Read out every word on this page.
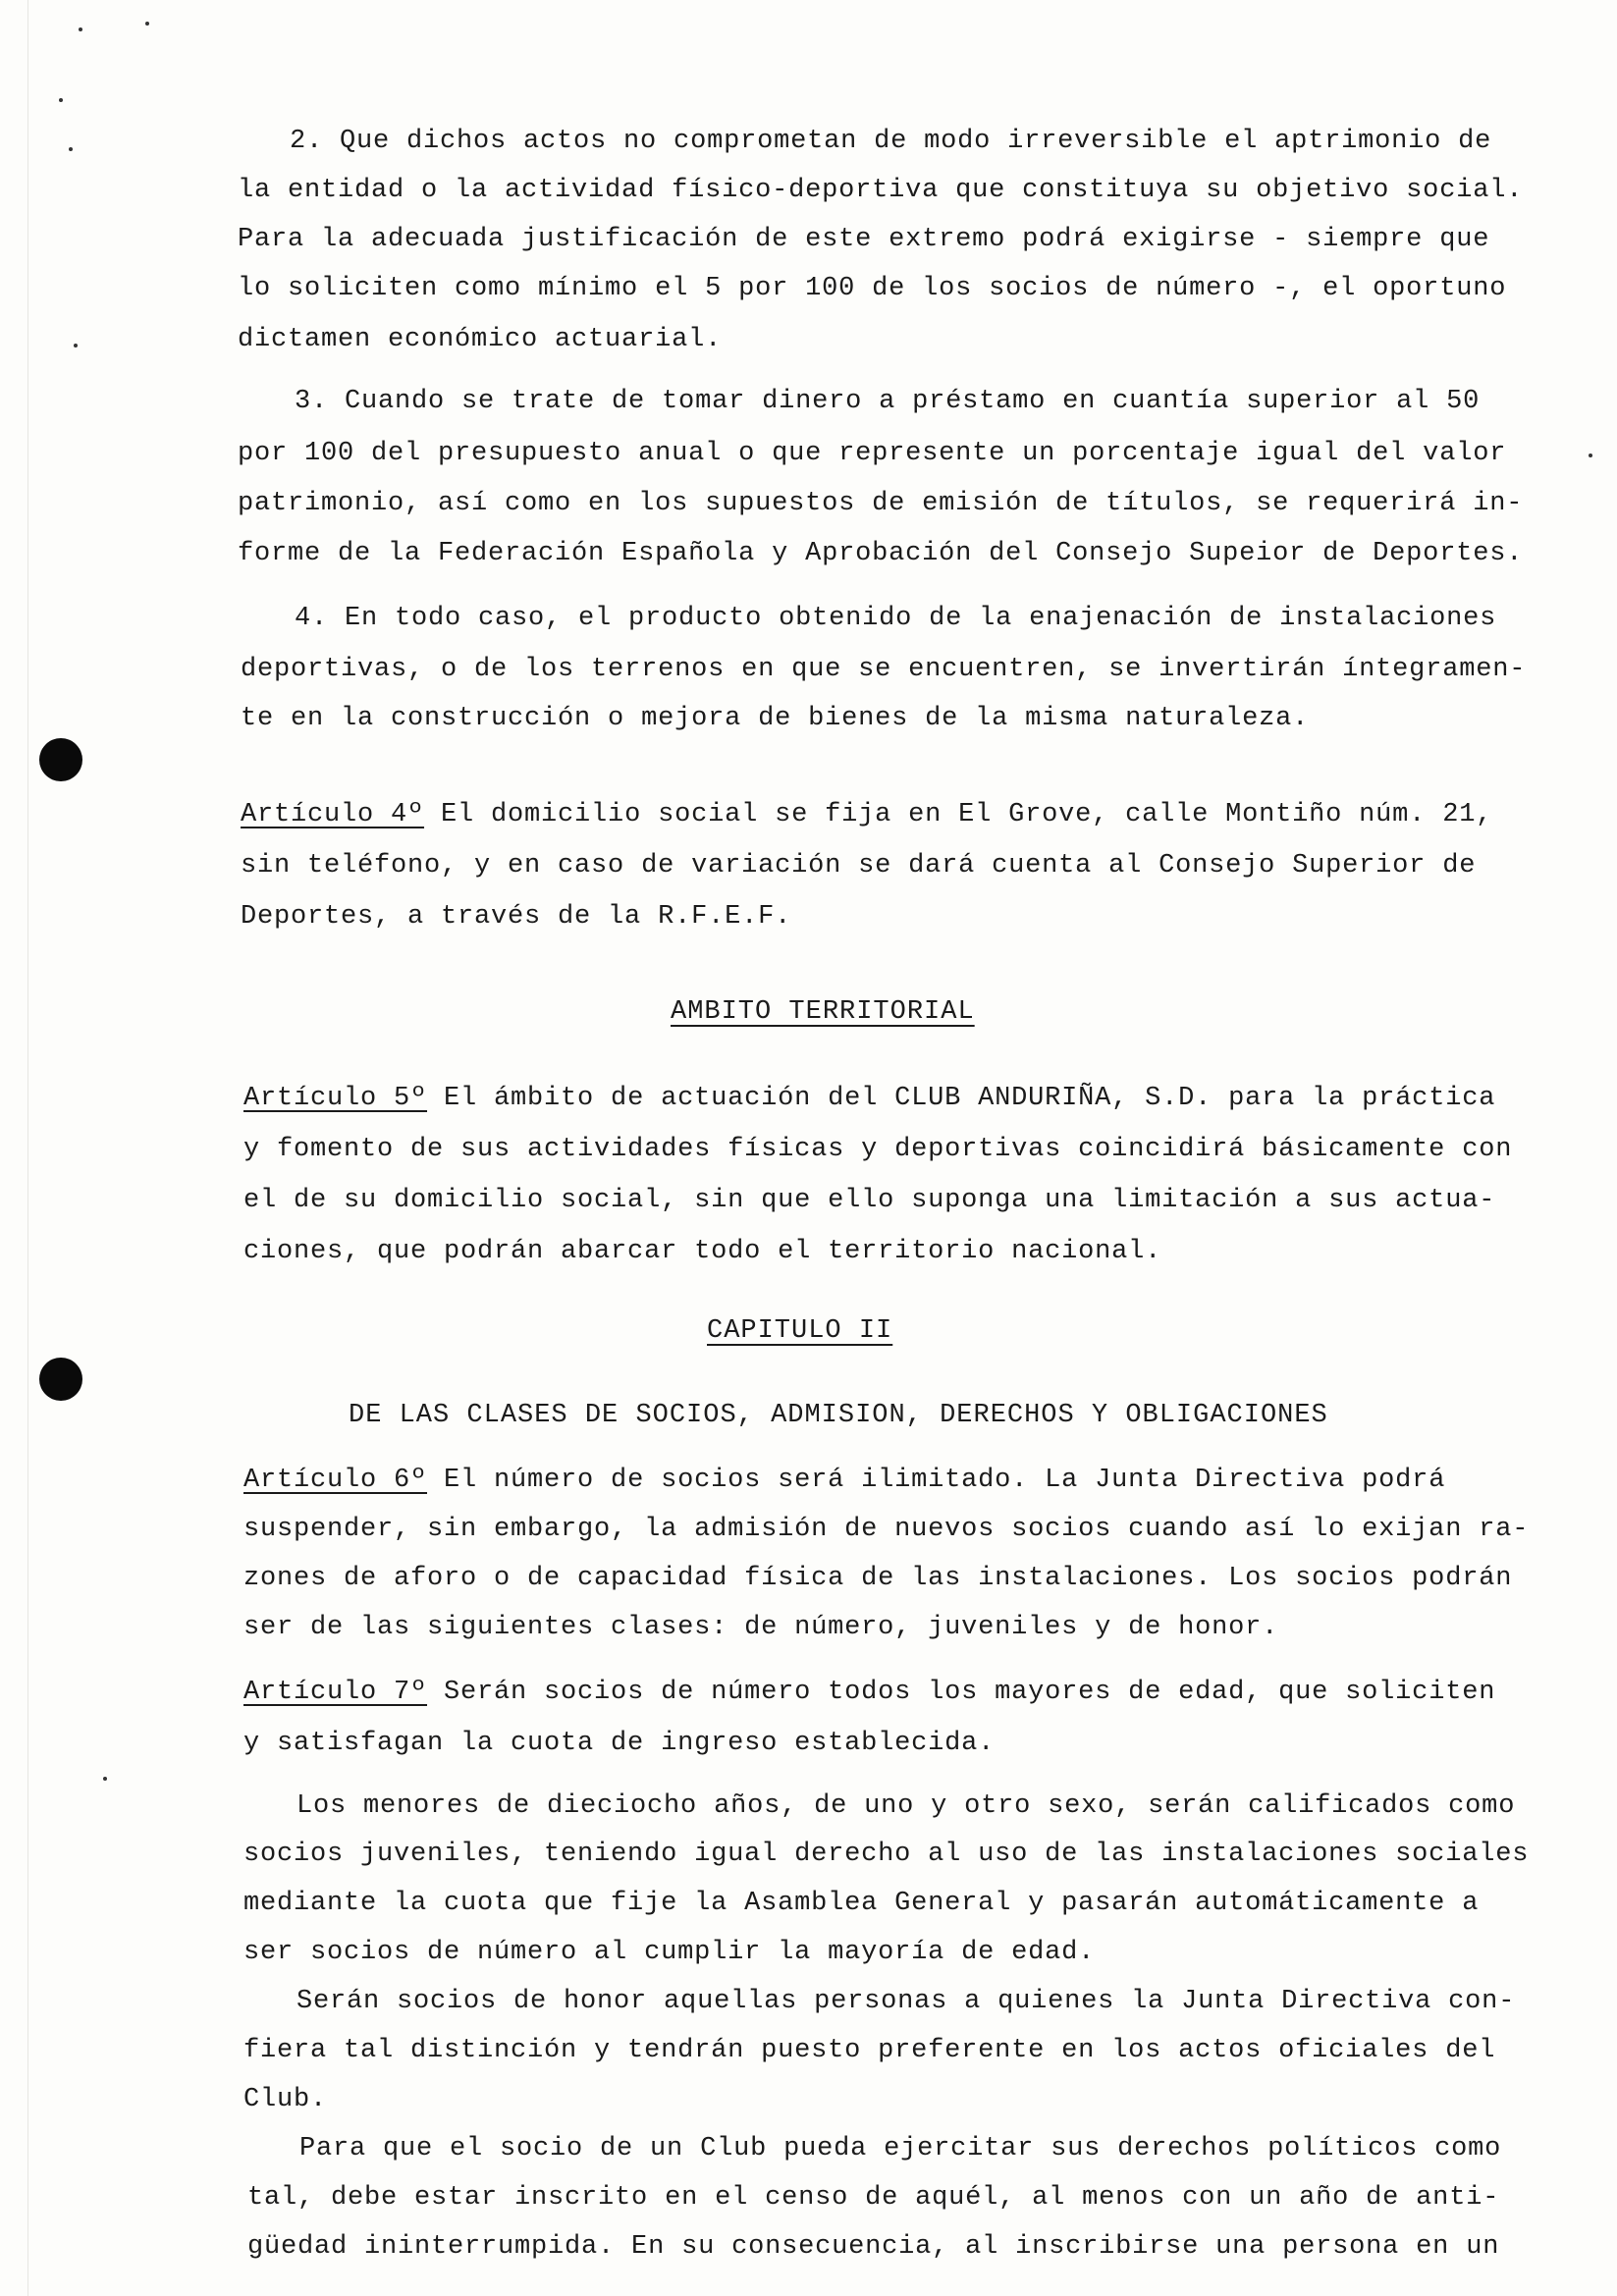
2. Que dichos actos no comprometan de modo irreversible el aptrimonio de
la entidad o la actividad físico-deportiva que constituya su objetivo social.
Para la adecuada justificación de este extremo podrá exigirse - siempre que
lo soliciten como mínimo el 5 por 100 de los socios de número -, el oportuno
dictamen económico actuarial.
3. Cuando se trate de tomar dinero a préstamo en cuantía superior al 50
por 100 del presupuesto anual o que represente un porcentaje igual del valor
patrimonio, así como en los supuestos de emisión de títulos, se requerirá in-
forme de la Federación Española y Aprobación del Consejo Supeior de Deportes.
4. En todo caso, el producto obtenido de la enajenación de instalaciones
deportivas, o de los terrenos en que se encuentren, se invertirán íntegramen-
te en la construcción o mejora de bienes de la misma naturaleza.
Artículo 4º El domicilio social se fija en El Grove, calle Montiño núm. 21,
sin teléfono, y en caso de variación se dará cuenta al Consejo Superior de
Deportes, a través de la R.F.E.F.
AMBITO TERRITORIAL
Artículo 5º El ámbito de actuación del CLUB ANDURIÑA, S.D. para la práctica
y fomento de sus actividades físicas y deportivas coincidirá básicamente con
el de su domicilio social, sin que ello suponga una limitación a sus actua-
ciones, que podrán abarcar todo el territorio nacional.
CAPITULO II
DE LAS CLASES DE SOCIOS, ADMISION, DERECHOS Y OBLIGACIONES
Artículo 6º El número de socios será ilimitado. La Junta Directiva podrá
suspender, sin embargo, la admisión de nuevos socios cuando así lo exijan ra-
zones de aforo o de capacidad física de las instalaciones. Los socios podrán
ser de las siguientes clases: de número, juveniles y de honor.
Artículo 7º Serán socios de número todos los mayores de edad, que soliciten
y satisfagan la cuota de ingreso establecida.
Los menores de dieciocho años, de uno y otro sexo, serán calificados como
socios juveniles, teniendo igual derecho al uso de las instalaciones sociales
mediante la cuota que fije la Asamblea General y pasarán automáticamente a
ser socios de número al cumplir la mayoría de edad.
Serán socios de honor aquellas personas a quienes la Junta Directiva con-
fiera tal distinción y tendrán puesto preferente en los actos oficiales del
Club.
Para que el socio de un Club pueda ejercitar sus derechos políticos como
tal, debe estar inscrito en el censo de aquél, al menos con un año de anti-
güedad ininterrumpida. En su consecuencia, al inscribirse una persona en un
